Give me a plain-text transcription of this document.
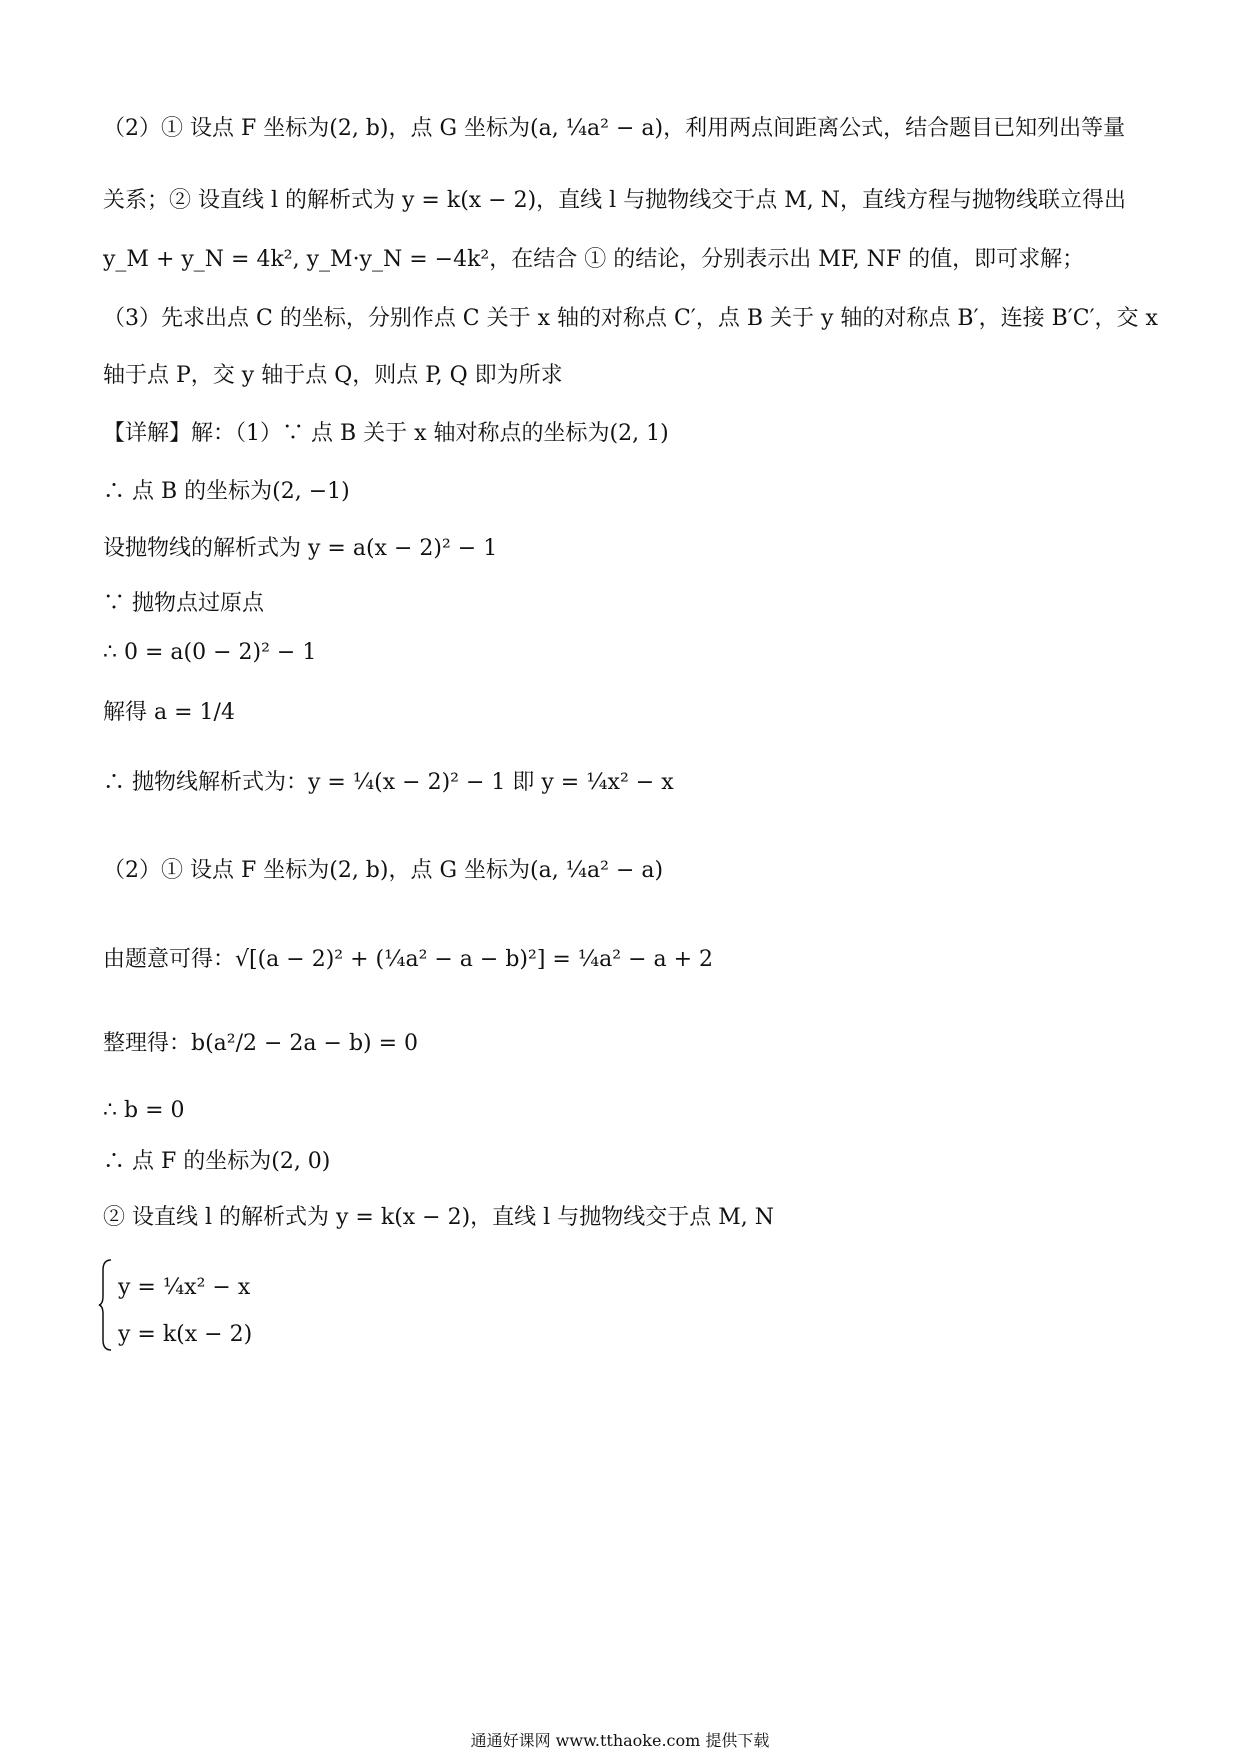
（2）① 设点 F 坐标为(2, b)，点 G 坐标为(a, ¼a² − a)，利用两点间距离公式，结合题目已知列出等量
关系；② 设直线 l 的解析式为 y = k(x − 2)，直线 l 与抛物线交于点 M, N，直线方程与抛物线联立得出
y_M + y_N = 4k², y_M·y_N = −4k²，在结合 ① 的结论，分别表示出 MF, NF 的值，即可求解；
（3）先求出点 C 的坐标，分别作点 C 关于 x 轴的对称点 C′，点 B 关于 y 轴的对称点 B′，连接 B′C′，交 x
轴于点 P，交 y 轴于点 Q，则点 P, Q 即为所求
【详解】解：（1）∵ 点 B 关于 x 轴对称点的坐标为(2, 1)
∴ 点 B 的坐标为(2, −1)
设抛物线的解析式为 y = a(x − 2)² − 1
∵ 抛物点过原点
∴ 0 = a(0 − 2)² − 1
解得 a = 1/4
∴ 抛物线解析式为：y = ¼(x − 2)² − 1 即 y = ¼x² − x
（2）① 设点 F 坐标为(2, b)，点 G 坐标为(a, ¼a² − a)
由题意可得：√[(a − 2)² + (¼a² − a − b)²] = ¼a² − a + 2
整理得：b(a²/2 − 2a − b) = 0
∴ b = 0
∴ 点 F 的坐标为(2, 0)
② 设直线 l 的解析式为 y = k(x − 2)，直线 l 与抛物线交于点 M, N
y = ¼x² − x
y = k(x − 2)
通通好课网 www.tthaoke.com 提供下载
